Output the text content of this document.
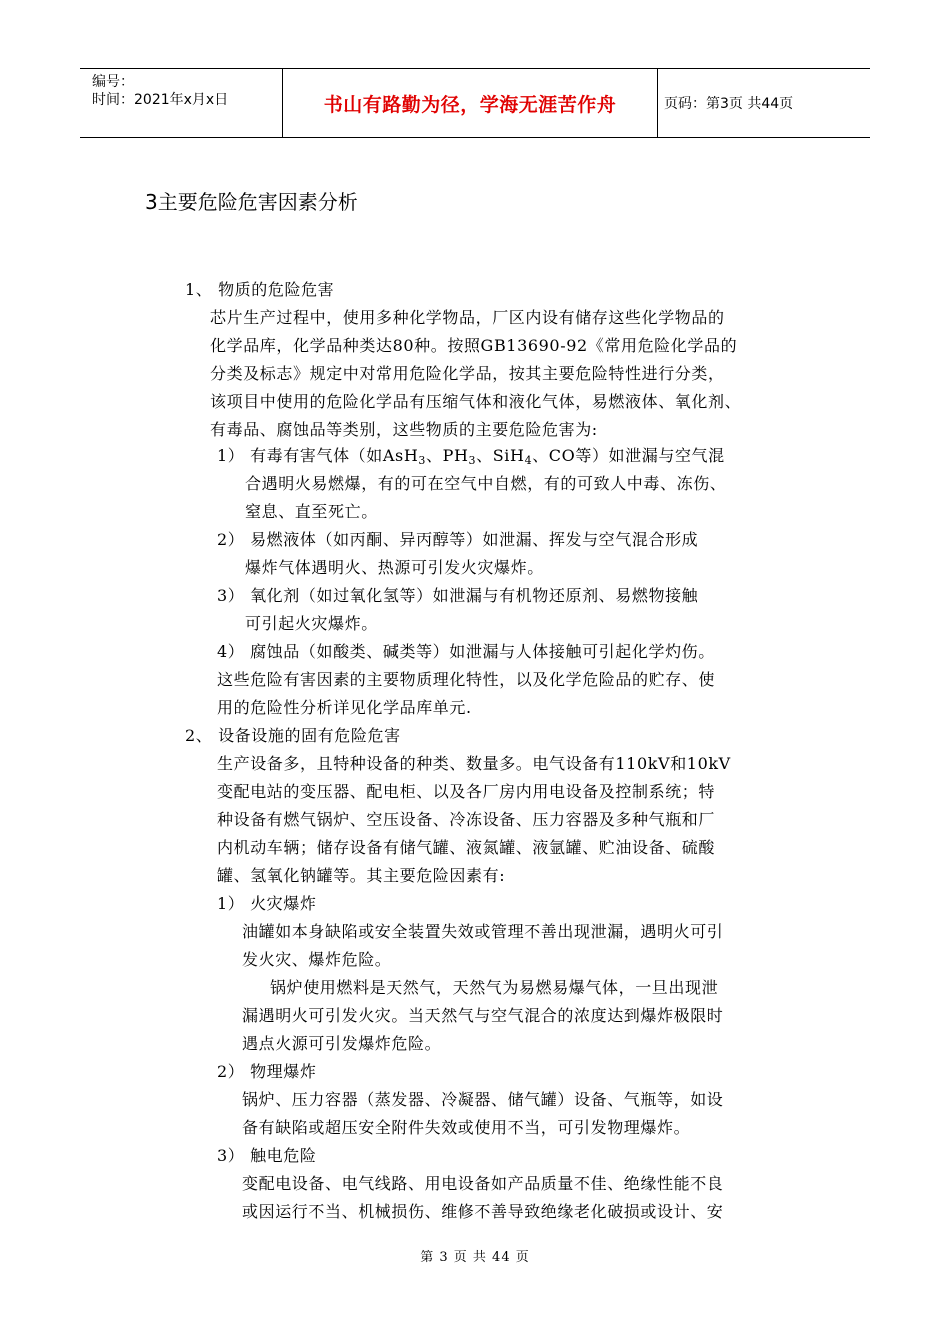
编号：
时间：2021年x月x日	书山有路勤为径，学海无涯苦作舟	页码：第3页 共44页
3主要危险危害因素分析
1、 物质的危险危害
芯片生产过程中，使用多种化学物品，厂区内设有储存这些化学物品的
化学品库，化学品种类达80种。按照GB13690-92《常用危险化学品的
分类及标志》规定中对常用危险化学品，按其主要危险特性进行分类，
该项目中使用的危险化学品有压缩气体和液化气体，易燃液体、氧化剂、
有毒品、腐蚀品等类别，这些物质的主要危险危害为:
1） 有毒有害气体（如AsH$_3$、$PH_3$、SiH$_4$、CO等）如泄漏与空气混
合遇明火易燃爆，有的可在空气中自燃，有的可致人中毒、冻伤、
窒息、直至死亡。
2） 易燃液体（如丙酮、异丙醇等）如泄漏、挥发与空气混合形成
爆炸气体遇明火、热源可引发火灾爆炸。
3） 氧化剂（如过氧化氢等）如泄漏与有机物还原剂、易燃物接触
可引起火灾爆炸。
4） 腐蚀品（如酸类、碱类等）如泄漏与人体接触可引起化学灼伤。
这些危险有害因素的主要物质理化特性，以及化学危险品的贮存、使
用的危险性分析详见化学品库单元.
2、 设备设施的固有危险危害
生产设备多，且特种设备的种类、数量多。电气设备有110kV和10kV
变配电站的变压器、配电柜、以及各厂房内用电设备及控制系统；特
种设备有燃气锅炉、空压设备、冷冻设备、压力容器及多种气瓶和厂
内机动车辆；储存设备有储气罐、液氮罐、液氩罐、贮油设备、硫酸
罐、氢氧化钠罐等。其主要危险因素有:
1） 火灾爆炸
油罐如本身缺陷或安全装置失效或管理不善出现泄漏，遇明火可引
发火灾、爆炸危险。
锅炉使用燃料是天然气，天然气为易燃易爆气体，一旦出现泄
漏遇明火可引发火灾。当天然气与空气混合的浓度达到爆炸极限时
遇点火源可引发爆炸危险。
2） 物理爆炸
锅炉、压力容器（蒸发器、冷凝器、储气罐）设备、气瓶等，如设
备有缺陷或超压安全附件失效或使用不当，可引发物理爆炸。
3） 触电危险
变配电设备、电气线路、用电设备如产品质量不佳、绝缘性能不良
或因运行不当、机械损伤、维修不善导致绝缘老化破损或设计、安
第 3 页 共 44 页
